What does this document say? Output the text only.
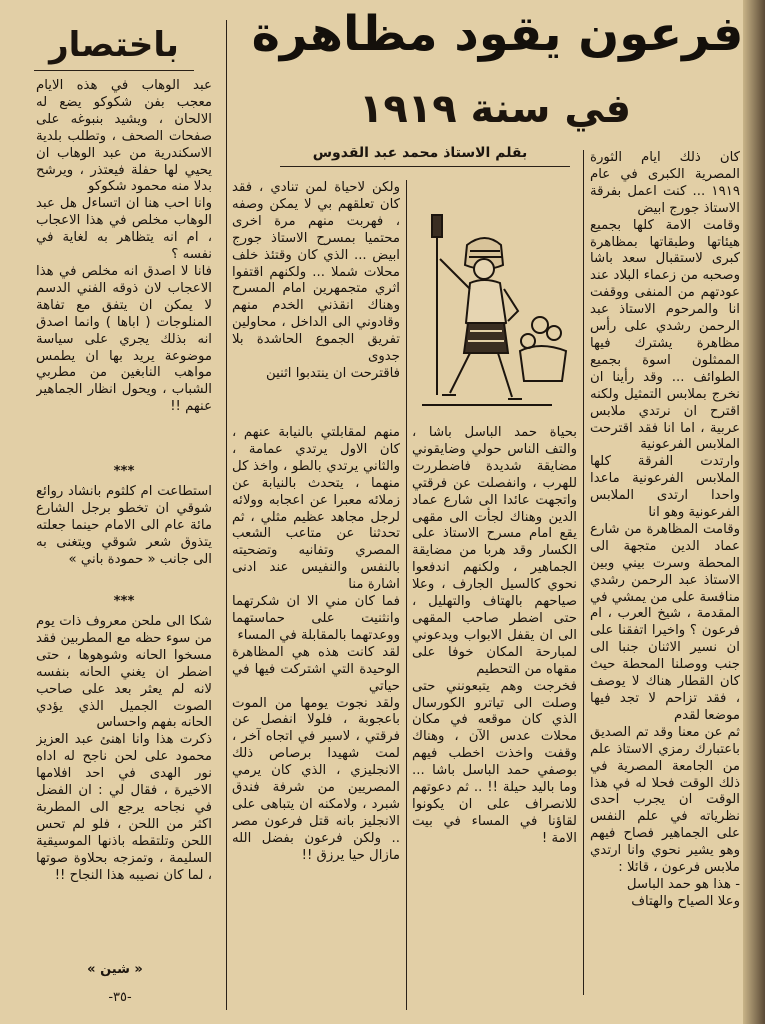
فرعون يقود مظاهرة
في سنة ١٩١٩
بقلم الاستاذ محمد عبد القدوس	كان ذلك ايام الثورة المصرية الكبرى في عام ١٩١٩ ... كنت اعمل بفرقة الاستاذ جورج ابيض
وقامت الامة كلها بجميع هيئاتها وطبقاتها بمظاهرة كبرى لاستقبال سعد باشا وصحبه من زعماء البلاد عند عودتهم من المنفى ووقفت انا والمرحوم الاستاذ عبد الرحمن رشدي على رأس مظاهرة يشترك فيها الممثلون اسوة بجميع الطوائف ... وقد رأينا ان نخرج بملابس التمثيل ولكنه اقترح ان نرتدي ملابس عربية ، اما انا فقد اقترحت الملابس الفرعونية
وارتدت الفرقة كلها الملابس الفرعونية ماعدا واحدا ارتدى الملابس الفرعونية وهو انا
وقامت المظاهرة من شارع عماد الدين متجهة الى المحطة وسرت بيني وبين الاستاذ عبد الرحمن رشدي منافسة على من يمشي في المقدمة ، شيخ العرب ، ام فرعون ؟ واخيرا اتفقنا على ان نسير الاثنان جنبا الى جنب ووصلنا المحطة حيث كان القطار هناك لا يوصف ، فقد تزاحم لا تجد فيها موضعا لقدم
ثم عن معنا وقد تم الصديق باعتبارك رمزي الاستاذ علم من الجامعة المصرية في ذلك الوقت فحلا له في هذا الوقت ان يجرب احدى نظرياته في علم النفس على الجماهير فصاح فيهم وهو يشير نحوي وانا ارتدي ملابس فرعون ، قائلا :
- هذا هو حمد الباسل
وعلا الصياح والهتاف
بحياة حمد الباسل باشا ، والتف الناس حولي وضايقوني مضايقة شديدة فاضطررت للهرب ، وانفصلت عن فرقتي واتجهت عائدا الى شارع عماد الدين وهناك لجأت الى مقهى يقع امام مسرح الاستاذ على الكسار وقد هربا من مضايقة الجماهير ، ولكنهم اندفعوا نحوي كالسيل الجارف ، وعلا صياحهم بالهتاف والتهليل ، حتى اضطر صاحب المقهى الى ان يقفل الابواب ويدعوني لمبارحة المكان خوفا على مقهاه من التحطيم
فخرجت وهم يتبعونني حتى وصلت الى تياترو الكورسال الذي كان موقعه في مكان محلات عدس الآن ، وهناك وقفت واخذت اخطب فيهم بوصفي حمد الباسل باشا ... وما باليد حيلة !! .. ثم دعوتهم للانصراف على ان يكونوا لقاؤنا في المساء في بيت الامة !
ولكن لاحياة لمن تنادي ، فقد كان تعلقهم بي لا يمكن وصفه ، فهربت منهم مرة اخرى محتميا بمسرح الاستاذ جورج ابيض ... الذي كان وقتئذ خلف محلات شملا ... ولكنهم اقتفوا اثري متجمهرين امام المسرح وهناك انقذني الخدم منهم وقادوني الى الداخل ، محاولين تفريق الجموع الحاشدة بلا جدوى
فاقترحت ان ينتدبوا اثنين
منهم لمقابلتي بالنيابة عنهم ، كان الاول يرتدي عمامة ، والثاني يرتدي بالطو ، واخذ كل منهما ، يتحدث بالنيابة عن زملائه معبرا عن اعجابه وولائه لرجل مجاهد عظيم مثلي ، ثم تحدثنا عن متاعب الشعب المصري وتفانيه وتضحيته بالنفس والنفيس عند ادنى اشارة منا
فما كان مني الا ان شكرتهما وانثنيت على حماستهما ووعدتهما بالمقابلة في المساء
لقد كانت هذه هي المظاهرة الوحيدة التي اشتركت فيها في حياتي
ولقد نجوت يومها من الموت باعجوبة ، فلولا انفصل عن فرقتي ، لاسير في اتجاه آخر ، لمت شهيدا برصاص ذلك الانجليزي ، الذي كان يرمي المصريين من شرفة فندق شبرد ، ولامكنه ان يتباهى على الانجليز بانه قتل فرعون مصر .. ولكن فرعون بفضل الله مازال حيا يرزق !!
باختصار
عبد الوهاب في هذه الايام معجب بفن شكوكو يضع له الالحان ، ويشيد بنبوغه على صفحات الصحف ، وتطلب بلدية الاسكندرية من عبد الوهاب ان يحيي لها حفلة فيعتذر ، ويرشح بدلا منه محمود شكوكو
وانا احب هنا ان اتساءل هل عبد الوهاب مخلص في هذا الاعجاب ، ام انه يتظاهر به لغاية في نفسه ؟
فانا لا اصدق انه مخلص في هذا الاعجاب لان ذوقه الفني الدسم لا يمكن ان يتفق مع تفاهة المنلوجات ( اباها ) وانما اصدق انه بذلك يجري على سياسة موضوعة يريد بها ان يطمس مواهب النابغين من مطربي الشباب ، ويحول انظار الجماهير عنهم !!
***
استطاعت ام كلثوم بانشاد روائع شوقي ان تخطو برجل الشارع مائة عام الى الامام حينما جعلته يتذوق شعر شوقي ويتغنى به الى جانب « حمودة باني »
***
شكا الى ملحن معروف ذات يوم من سوء حظه مع المطربين فقد مسخوا الحانه وشوهوها ، حتى اضطر ان يغني الحانه بنفسه لانه لم يعثر بعد على صاحب الصوت الجميل الذي يؤدي الحانه بفهم واحساس
ذكرت هذا وانا اهنئ عبد العزيز محمود على لحن ناجح له اداه نور الهدى في احد افلامها الاخيرة ، فقال لي : ان الفضل في نجاحه يرجع الى المطربة اكثر من اللحن ، فلو لم تحس اللحن وتلتقطه باذنها الموسيقية السليمة ، وتمزجه بحلاوة صوتها ، لما كان نصيبه هذا النجاح !!
« شين »
-٣٥-
